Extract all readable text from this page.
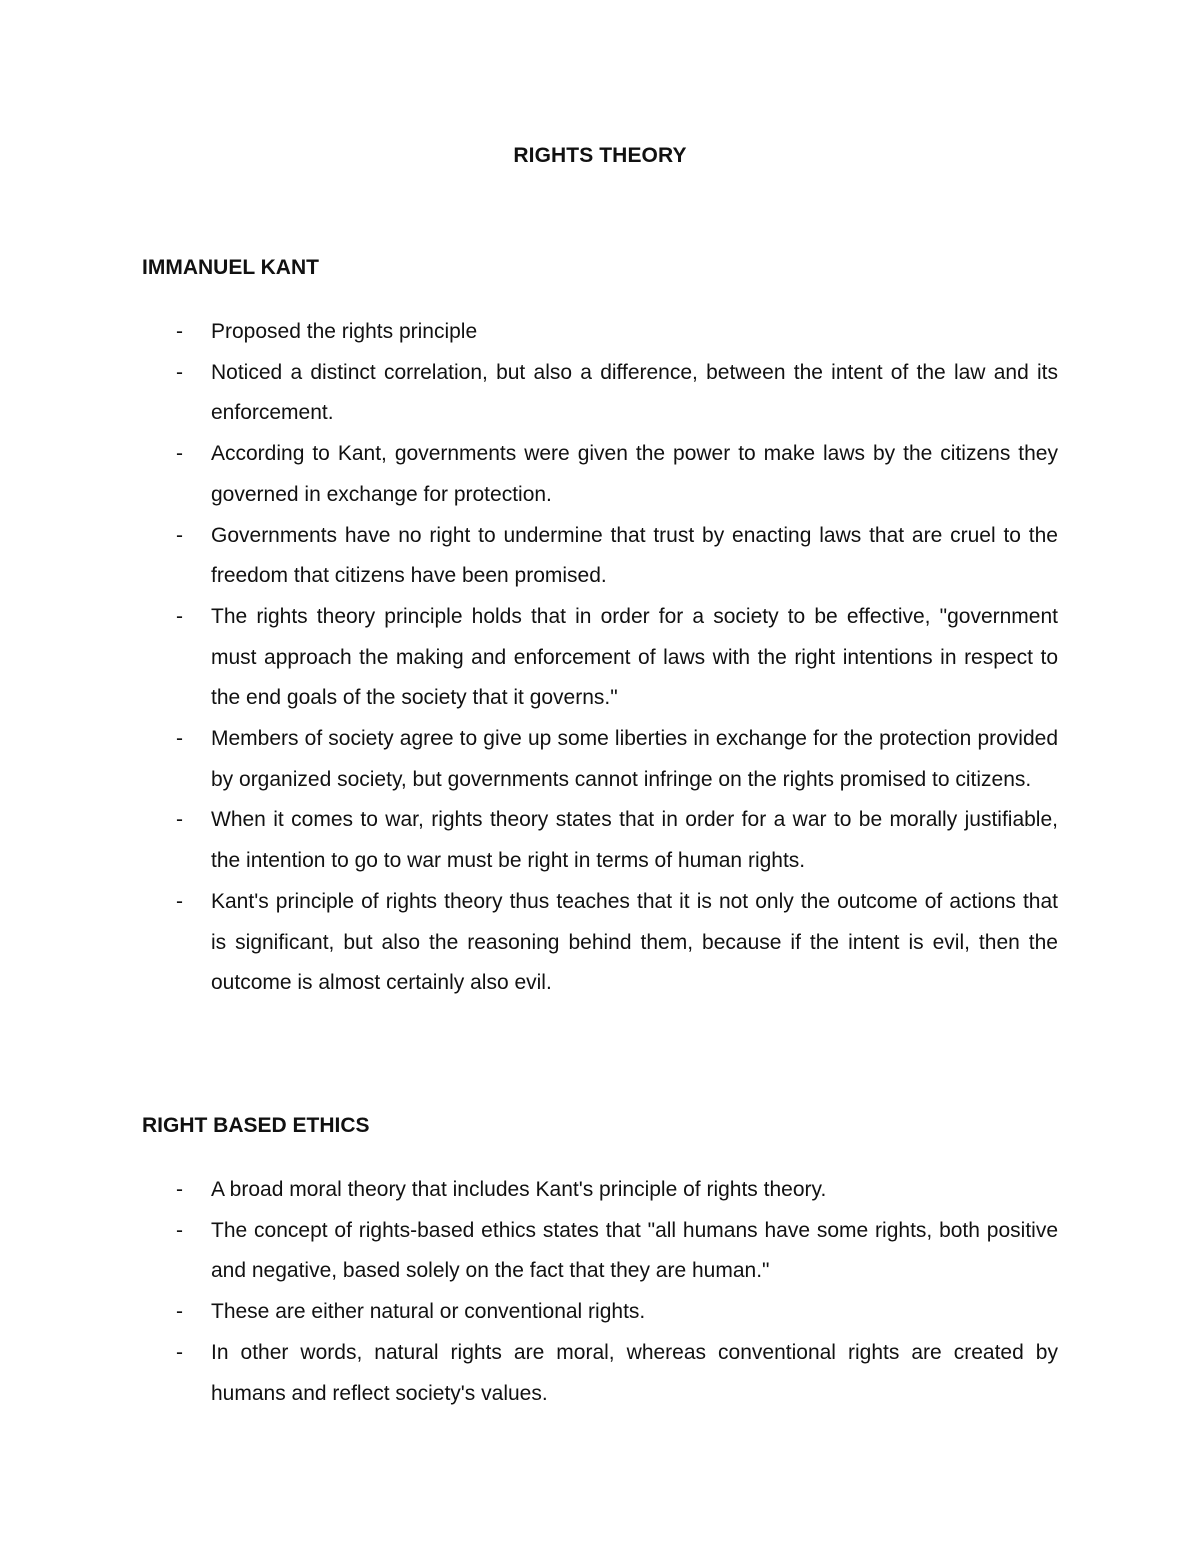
RIGHTS THEORY
IMMANUEL KANT
- Proposed the rights principle
- Noticed a distinct correlation, but also a difference, between the intent of the law and its enforcement.
- According to Kant, governments were given the power to make laws by the citizens they governed in exchange for protection.
- Governments have no right to undermine that trust by enacting laws that are cruel to the freedom that citizens have been promised.
- The rights theory principle holds that in order for a society to be effective, "government must approach the making and enforcement of laws with the right intentions in respect to the end goals of the society that it governs."
- Members of society agree to give up some liberties in exchange for the protection provided by organized society, but governments cannot infringe on the rights promised to citizens.
- When it comes to war, rights theory states that in order for a war to be morally justifiable, the intention to go to war must be right in terms of human rights.
- Kant's principle of rights theory thus teaches that it is not only the outcome of actions that is significant, but also the reasoning behind them, because if the intent is evil, then the outcome is almost certainly also evil.
RIGHT BASED ETHICS
- A broad moral theory that includes Kant's principle of rights theory.
- The concept of rights-based ethics states that "all humans have some rights, both positive and negative, based solely on the fact that they are human."
- These are either natural or conventional rights.
- In other words, natural rights are moral, whereas conventional rights are created by humans and reflect society's values.
